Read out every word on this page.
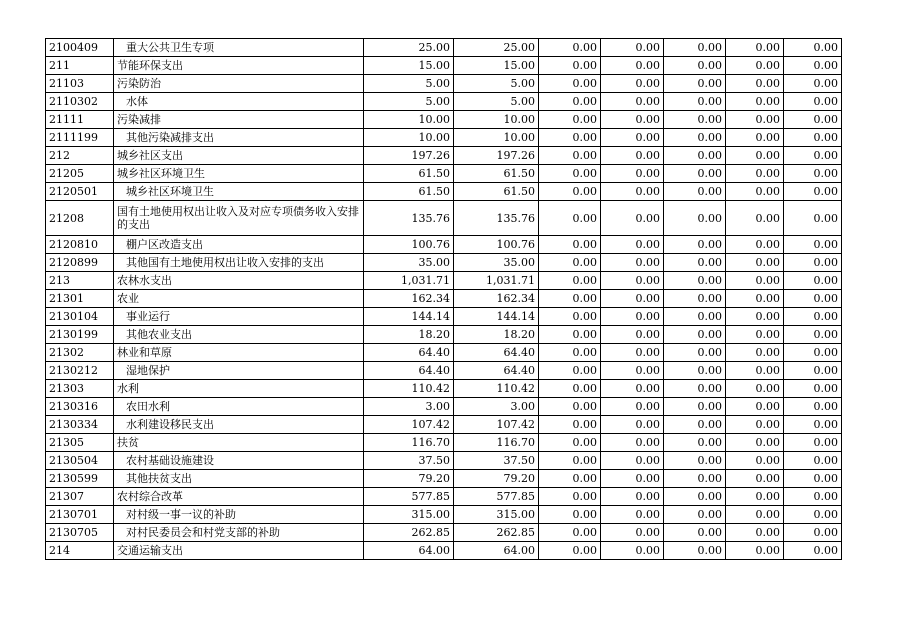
2100409	重大公共卫生专项	25.00	25.00	0.00	0.00	0.00	0.00	0.00
211	节能环保支出	15.00	15.00	0.00	0.00	0.00	0.00	0.00
21103	污染防治	5.00	5.00	0.00	0.00	0.00	0.00	0.00
2110302	水体	5.00	5.00	0.00	0.00	0.00	0.00	0.00
21111	污染减排	10.00	10.00	0.00	0.00	0.00	0.00	0.00
2111199	其他污染减排支出	10.00	10.00	0.00	0.00	0.00	0.00	0.00
212	城乡社区支出	197.26	197.26	0.00	0.00	0.00	0.00	0.00
21205	城乡社区环境卫生	61.50	61.50	0.00	0.00	0.00	0.00	0.00
2120501	城乡社区环境卫生	61.50	61.50	0.00	0.00	0.00	0.00	0.00
21208	国有土地使用权出让收入及对应专项债务收入安排的支出	135.76	135.76	0.00	0.00	0.00	0.00	0.00
2120810	棚户区改造支出	100.76	100.76	0.00	0.00	0.00	0.00	0.00
2120899	其他国有土地使用权出让收入安排的支出	35.00	35.00	0.00	0.00	0.00	0.00	0.00
213	农林水支出	1,031.71	1,031.71	0.00	0.00	0.00	0.00	0.00
21301	农业	162.34	162.34	0.00	0.00	0.00	0.00	0.00
2130104	事业运行	144.14	144.14	0.00	0.00	0.00	0.00	0.00
2130199	其他农业支出	18.20	18.20	0.00	0.00	0.00	0.00	0.00
21302	林业和草原	64.40	64.40	0.00	0.00	0.00	0.00	0.00
2130212	湿地保护	64.40	64.40	0.00	0.00	0.00	0.00	0.00
21303	水利	110.42	110.42	0.00	0.00	0.00	0.00	0.00
2130316	农田水利	3.00	3.00	0.00	0.00	0.00	0.00	0.00
2130334	水利建设移民支出	107.42	107.42	0.00	0.00	0.00	0.00	0.00
21305	扶贫	116.70	116.70	0.00	0.00	0.00	0.00	0.00
2130504	农村基础设施建设	37.50	37.50	0.00	0.00	0.00	0.00	0.00
2130599	其他扶贫支出	79.20	79.20	0.00	0.00	0.00	0.00	0.00
21307	农村综合改革	577.85	577.85	0.00	0.00	0.00	0.00	0.00
2130701	对村级一事一议的补助	315.00	315.00	0.00	0.00	0.00	0.00	0.00
2130705	对村民委员会和村党支部的补助	262.85	262.85	0.00	0.00	0.00	0.00	0.00
214	交通运输支出	64.00	64.00	0.00	0.00	0.00	0.00	0.00
